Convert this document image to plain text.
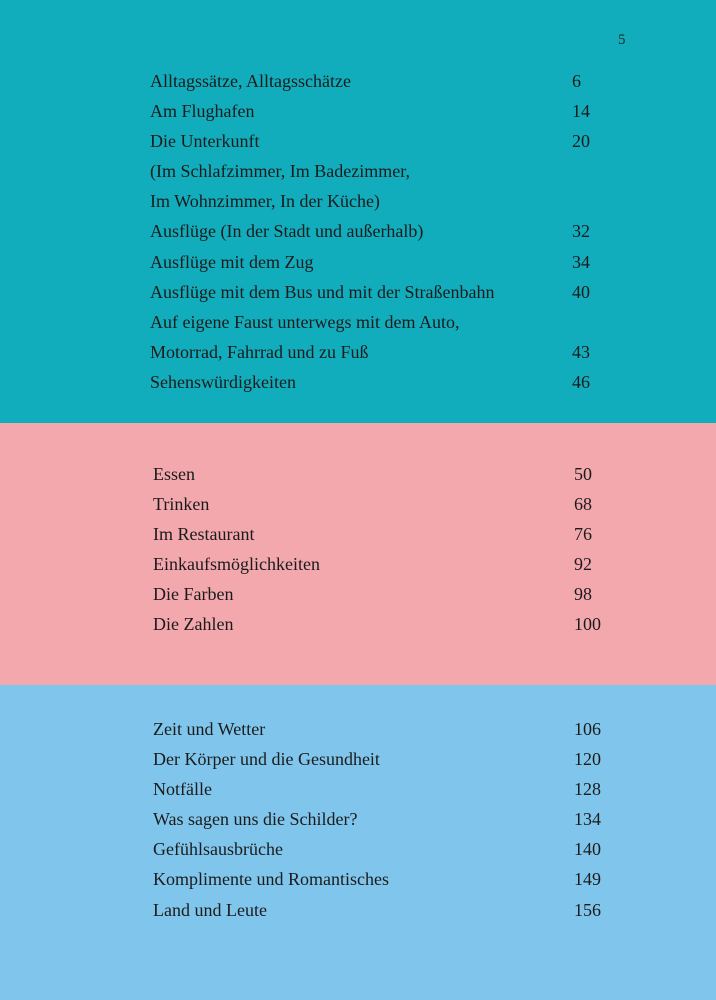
5
Alltagssätze, Alltagsschätze	6
Am Flughafen	14
Die Unterkunft	20
(Im Schlafzimmer, Im Badezimmer,
Im Wohnzimmer, In der Küche)
Ausflüge (In der Stadt und außerhalb)	32
Ausflüge mit dem Zug	34
Ausflüge mit dem Bus und mit der Straßenbahn	40
Auf eigene Faust unterwegs mit dem Auto,
Motorrad, Fahrrad und zu Fuß	43
Sehenswürdigkeiten	46
Essen	50
Trinken	68
Im Restaurant	76
Einkaufsmöglichkeiten	92
Die Farben	98
Die Zahlen	100
Zeit und Wetter	106
Der Körper und die Gesundheit	120
Notfälle	128
Was sagen uns die Schilder?	134
Gefühlsausbrüche	140
Komplimente und Romantisches	149
Land und Leute	156
